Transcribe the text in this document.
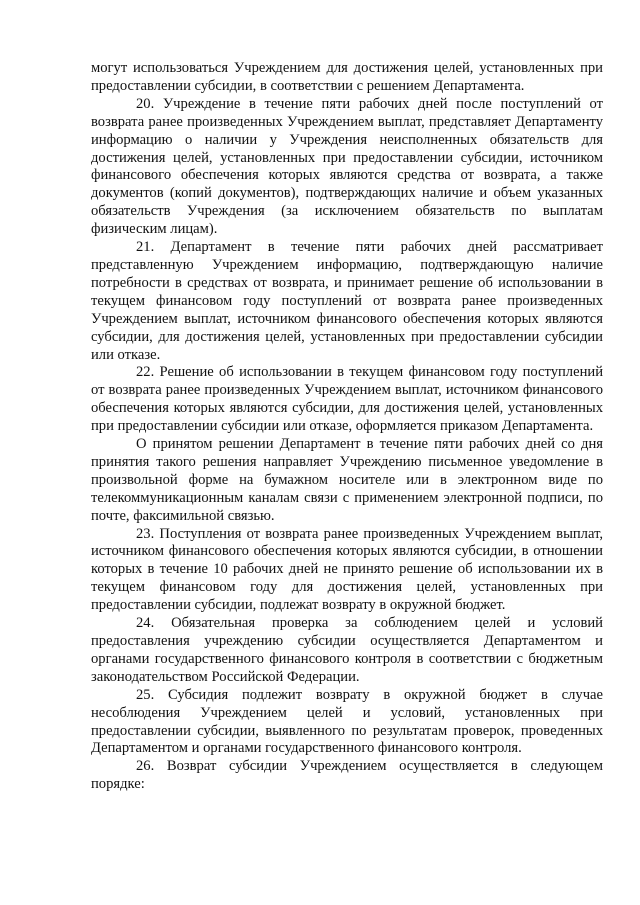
могут использоваться Учреждением для достижения целей, установленных при предоставлении субсидии, в соответствии с решением Департамента.

20. Учреждение в течение пяти рабочих дней после поступлений от возврата ранее произведенных Учреждением выплат, представляет Департаменту информацию о наличии у Учреждения неисполненных обязательств для достижения целей, установленных при предоставлении субсидии, источником финансового обеспечения которых являются средства от возврата, а также документов (копий документов), подтверждающих наличие и объем указанных обязательств Учреждения (за исключением обязательств по выплатам физическим лицам).

21. Департамент в течение пяти рабочих дней рассматривает представленную Учреждением информацию, подтверждающую наличие потребности в средствах от возврата, и принимает решение об использовании в текущем финансовом году поступлений от возврата ранее произведенных Учреждением выплат, источником финансового обеспечения которых являются субсидии, для достижения целей, установленных при предоставлении субсидии или отказе.

22. Решение об использовании в текущем финансовом году поступлений от возврата ранее произведенных Учреждением выплат, источником финансового обеспечения которых являются субсидии, для достижения целей, установленных при предоставлении субсидии или отказе, оформляется приказом Департамента.

О принятом решении Департамент в течение пяти рабочих дней со дня принятия такого решения направляет Учреждению письменное уведомление в произвольной форме на бумажном носителе или в электронном виде по телекоммуникационным каналам связи с применением электронной подписи, по почте, факсимильной связью.

23. Поступления от возврата ранее произведенных Учреждением выплат, источником финансового обеспечения которых являются субсидии, в отношении которых в течение 10 рабочих дней не принято решение об использовании их в текущем финансовом году для достижения целей, установленных при предоставлении субсидии, подлежат возврату в окружной бюджет.

24. Обязательная проверка за соблюдением целей и условий предоставления учреждению субсидии осуществляется Департаментом и органами государственного финансового контроля в соответствии с бюджетным законодательством Российской Федерации.

25. Субсидия подлежит возврату в окружной бюджет в случае несоблюдения Учреждением целей и условий, установленных при предоставлении субсидии, выявленного по результатам проверок, проведенных Департаментом и органами государственного финансового контроля.

26. Возврат субсидии Учреждением осуществляется в следующем порядке:
